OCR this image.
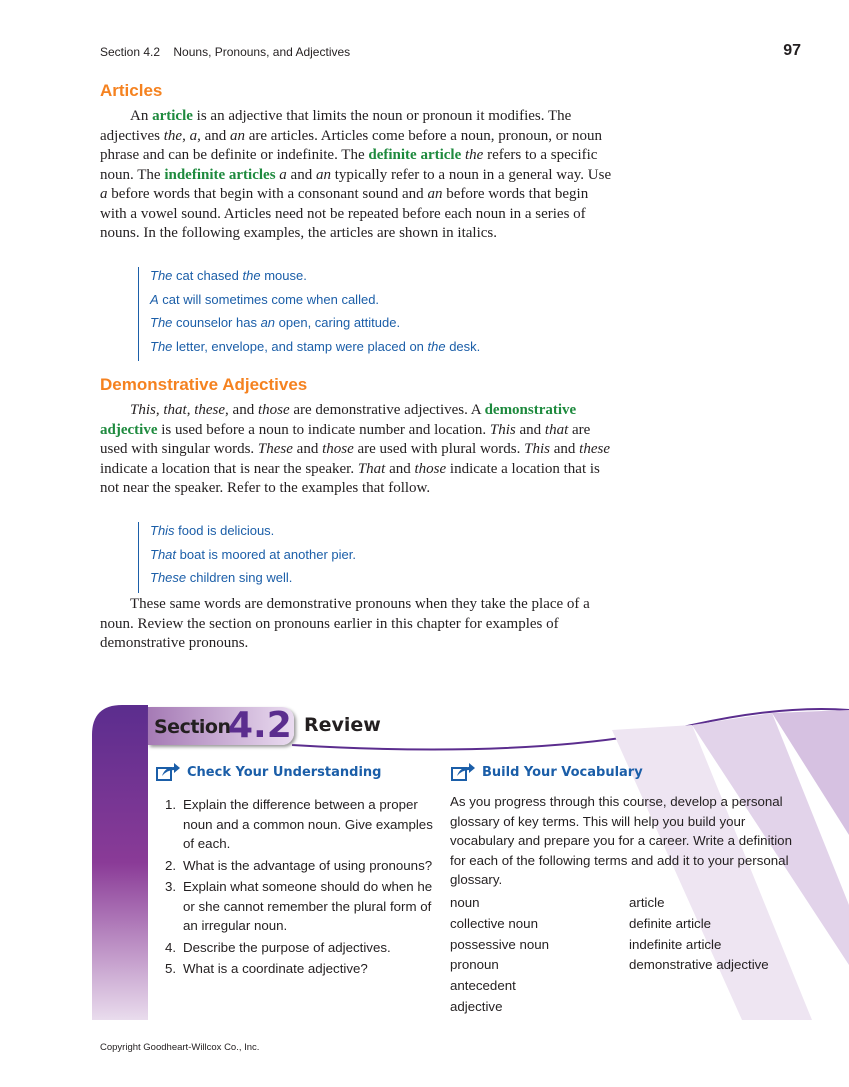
Section 4.2    Nouns, Pronouns, and Adjectives	97
Articles

An article is an adjective that limits the noun or pronoun it modifies. The adjectives the, a, and an are articles. Articles come before a noun, pronoun, or noun phrase and can be definite or indefinite. The definite article the refers to a specific noun. The indefinite articles a and an typically refer to a noun in a general way. Use a before words that begin with a consonant sound and an before words that begin with a vowel sound. Articles need not be repeated before each noun in a series of nouns. In the following examples, the articles are shown in italics.

The cat chased the mouse.
A cat will sometimes come when called.
The counselor has an open, caring attitude.
The letter, envelope, and stamp were placed on the desk.
Demonstrative Adjectives

This, that, these, and those are demonstrative adjectives. A demonstrative adjective is used before a noun to indicate number and location. This and that are used with singular words. These and those are used with plural words. This and these indicate a location that is near the speaker. That and those indicate a location that is not near the speaker. Refer to the examples that follow.

This food is delicious.
That boat is moored at another pier.
These children sing well.

These same words are demonstrative pronouns when they take the place of a noun. Review the section on pronouns earlier in this chapter for examples of demonstrative pronouns.

Section
4.2 Review
Check Your Understanding
1. Explain the difference between a proper noun and a common noun. Give examples of each.
2. What is the advantage of using pronouns?
3. Explain what someone should do when he or she cannot remember the plural form of an irregular noun.
4. Describe the purpose of adjectives.
5. What is a coordinate adjective?
Build Your Vocabulary
As you progress through this course, develop a personal glossary of key terms. This will help you build your vocabulary and prepare you for a career. Write a definition for each of the following terms and add it to your personal glossary.
noun
collective noun
possessive noun
pronoun
antecedent
adjective
article
definite article
indefinite article
demonstrative adjective
Copyright Goodheart-Willcox Co., Inc.
